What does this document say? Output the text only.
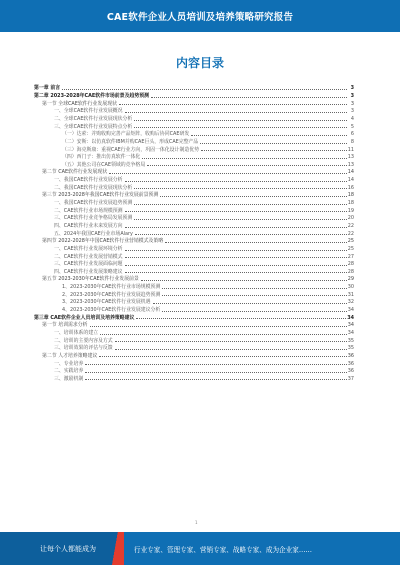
CAE软件企业人员培训及培养策略研究报告
内容目录
第一章 前言	3
第二章 2023-2028年CAE软件市场前景及趋势预测	3
第一节 全球CAE软件行业发展现状	3
一、全球CAE软件行业发展概况	3
二、全球CAE软件行业发展现状分析	4
三、全球CAE软件行业发展特点分析	5
（一）达索：并购收购完善产品矩阵，收购后协同CAE研发	6
（二）安斯：以仿真软件IBM并购CAE巨头，形成CAE完整产品	8
（三）海克斯康：重视CAE行业方向，巩固一体化设计制造优势	11
（四）西门子：推出仿真软件一体化	13
（五）其他公司在CAE领域的竞争格局	13
第二节 CAE软件行业发展现状	14
一、我国CAE软件行业发展分析	14
二、我国CAE软件行业发展现状分析	16
第三节 2023-2028年我国CAE软件行业发展前景预测	18
一、我国CAE软件行业发展趋势预测	18
二、CAE软件行业市场规模预测	19
三、CAE软件行业竞争格局发展预测	20
四、CAE软件行业未来发展方向	22
五、2024年我国CAE行业市场Alary	22
第四节 2022-2028年中国CAE软件行业营销模式及策略	25
一、CAE软件行业发展环境分析	25
二、CAE软件行业发展营销模式	27
三、CAE软件行业发展面临问题	28
四、CAE软件行业发展策略建议	28
第五节 2023-2030年CAE软件行业发展前景	29
1、2023-2030年CAE软件行业市场规模预测	30
2、2023-2030年CAE软件行业发展趋势预测	31
3、2023-2030年CAE软件行业发展机遇	32
4、2023-2030年CAE软件行业发展建议分析	34
第三章 CAE软件企业人员培训及培养策略建议	34
第一节 培训需求分析	34
一、培训体系的建立	34
二、培训的主要内容及方式	35
三、培训效果的评估与反馈	35
第二节 人才培养策略建议	36
一、专业培养	36
二、实践培养	36
三、激励机制	37
1
让每个人都能成为	行业专家、管理专家、营销专家、战略专家、成为企业家……
